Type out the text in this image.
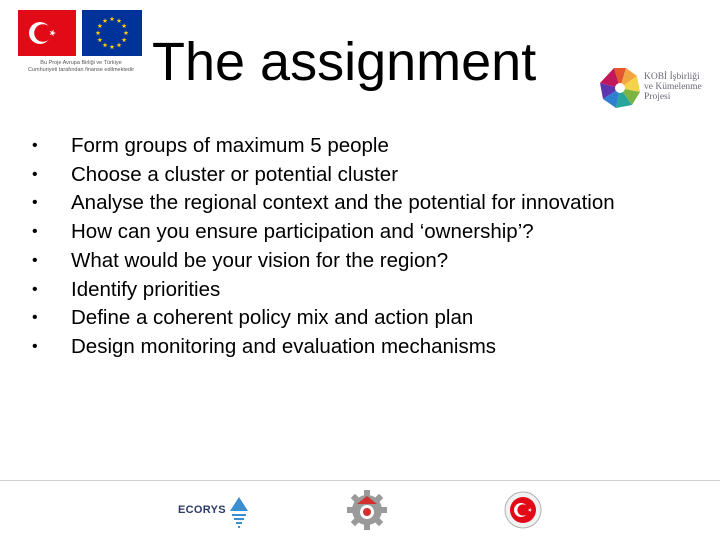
Bu Proje Avrupa Birliği ve Türkiye Cumhuriyeti tarafından finanse edilmektedir The assignment	KOBİ İşbirliği
ve Kümelenme
Projesi
• Form groups of maximum 5 people
• Choose a cluster or potential cluster
• Analyse the regional context and the potential for innovation
• How can you ensure participation and ‘ownership’?
• What would be your vision for the region?
• Identify priorities
• Define a coherent policy mix and action plan
• Design monitoring and evaluation mechanisms
ECORYS
